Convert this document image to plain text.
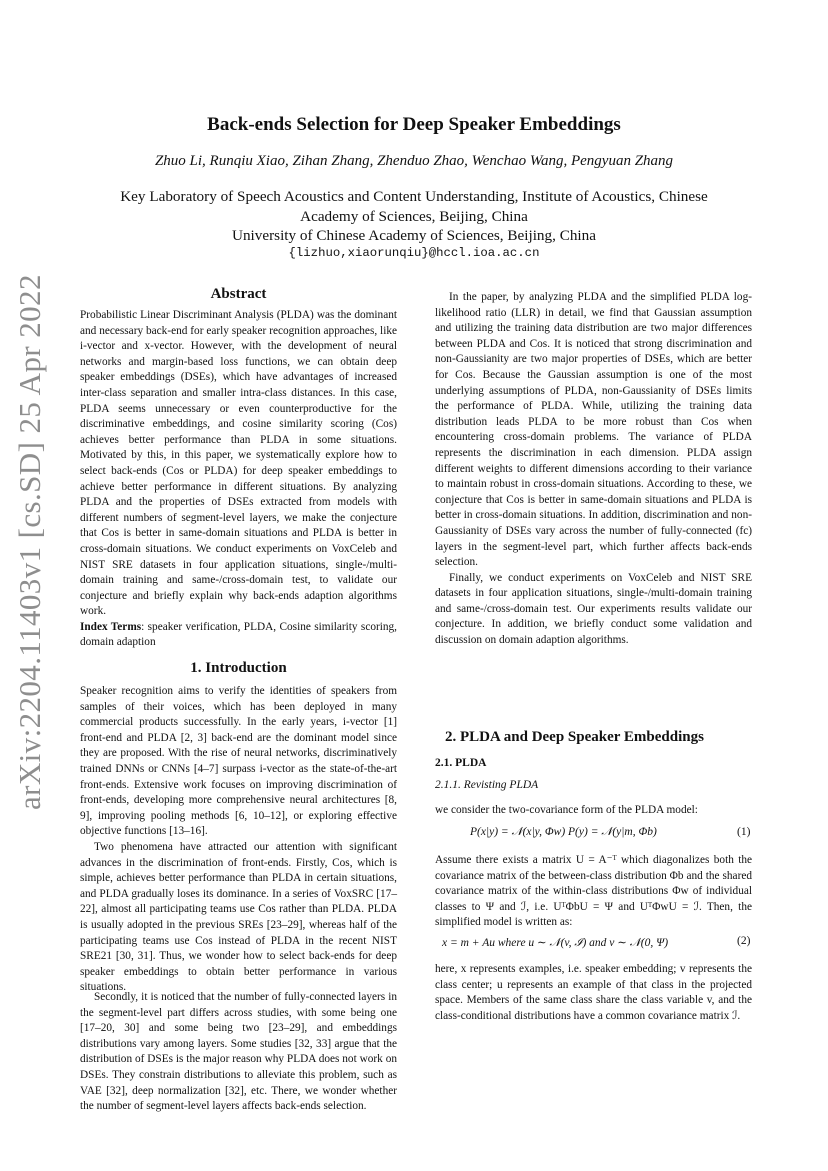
arXiv:2204.11403v1 [cs.SD] 25 Apr 2022
Back-ends Selection for Deep Speaker Embeddings
Zhuo Li, Runqiu Xiao, Zihan Zhang, Zhenduo Zhao, Wenchao Wang, Pengyuan Zhang
Key Laboratory of Speech Acoustics and Content Understanding, Institute of Acoustics, Chinese
Academy of Sciences, Beijing, China
University of Chinese Academy of Sciences, Beijing, China
{lizhuo,xiaorunqiu}@hccl.ioa.ac.cn
Abstract

Probabilistic Linear Discriminant Analysis (PLDA) was the dominant and necessary back-end for early speaker recognition approaches, like i-vector and x-vector. However, with the development of neural networks and margin-based loss functions, we can obtain deep speaker embeddings (DSEs), which have advantages of increased inter-class separation and smaller intra-class distances. In this case, PLDA seems unnecessary or even counterproductive for the discriminative embeddings, and cosine similarity scoring (Cos) achieves better performance than PLDA in some situations. Motivated by this, in this paper, we systematically explore how to select back-ends (Cos or PLDA) for deep speaker embeddings to achieve better performance in different situations. By analyzing PLDA and the properties of DSEs extracted from models with different numbers of segment-level layers, we make the conjecture that Cos is better in same-domain situations and PLDA is better in cross-domain situations. We conduct experiments on VoxCeleb and NIST SRE datasets in four application situations, single-/multi-domain training and same-/cross-domain test, to validate our conjecture and briefly explain why back-ends adaption algorithms work.

Index Terms: speaker verification, PLDA, Cosine similarity scoring, domain adaption

1. Introduction

Speaker recognition aims to verify the identities of speakers from samples of their voices, which has been deployed in many commercial products successfully. In the early years, i-vector [1] front-end and PLDA [2, 3] back-end are the dominant model since they are proposed. With the rise of neural networks, discriminatively trained DNNs or CNNs [4–7] surpass i-vector as the state-of-the-art front-ends. Extensive work focuses on improving discrimination of front-ends, developing more comprehensive neural architectures [8, 9], improving pooling methods [6, 10–12], or exploring effective objective functions [13–16].

Two phenomena have attracted our attention with significant advances in the discrimination of front-ends. Firstly, Cos, which is simple, achieves better performance than PLDA in certain situations, and PLDA gradually loses its dominance. In a series of VoxSRC [17–22], almost all participating teams use Cos rather than PLDA. PLDA is usually adopted in the previous SREs [23–29], whereas half of the participating teams use Cos instead of PLDA in the recent NIST SRE21 [30, 31]. Thus, we wonder how to select back-ends for deep speaker embeddings to obtain better performance in various situations.

Secondly, it is noticed that the number of fully-connected layers in the segment-level part differs across studies, with some being one [17–20, 30] and some being two [23–29], and embeddings distributions vary among layers. Some studies [32, 33] argue that the distribution of DSEs is the major reason why PLDA does not work on DSEs. They constrain distributions to alleviate this problem, such as VAE [32], deep normalization [32], etc. There, we wonder whether the number of segment-level layers affects back-ends selection.

In the paper, by analyzing PLDA and the simplified PLDA log-likelihood ratio (LLR) in detail, we find that Gaussian assumption and utilizing the training data distribution are two major differences between PLDA and Cos. It is noticed that strong discrimination and non-Gaussianity are two major properties of DSEs, which are better for Cos. Because the Gaussian assumption is one of the most underlying assumptions of PLDA, non-Gaussianity of DSEs limits the performance of PLDA. While, utilizing the training data distribution leads PLDA to be more robust than Cos when encountering cross-domain problems. The variance of PLDA represents the discrimination in each dimension. PLDA assign different weights to different dimensions according to their variance to maintain robust in cross-domain situations. According to these, we conjecture that Cos is better in same-domain situations and PLDA is better in cross-domain situations. In addition, discrimination and non-Gaussianity of DSEs vary across the number of fully-connected (fc) layers in the segment-level part, which further affects back-ends selection.

Finally, we conduct experiments on VoxCeleb and NIST SRE datasets in four application situations, single-/multi-domain training and same-/cross-domain test. Our experiments results validate our conjecture. In addition, we briefly conduct some validation and discussion on domain adaption algorithms.

2. PLDA and Deep Speaker Embeddings
2.1. PLDA
2.1.1. Revisting PLDA

we consider the two-covariance form of the PLDA model:

P(x|y) = 𝒩(x|y, Φw) P(y) = 𝒩(y|m, Φb)	(1)

Assume there exists a matrix U = A⁻ᵀ which diagonalizes both the covariance matrix of the between-class distribution Φb and the shared covariance matrix of the within-class distributions Φw of individual classes to Ψ and ℐ, i.e. UᵀΦbU = Ψ and UᵀΦwU = ℐ. Then, the simplified model is written as:

x = m + Au where u ∼ 𝒩(v, ℐ) and v ∼ 𝒩(0, Ψ)	(2)

here, x represents examples, i.e. speaker embedding; v represents the class center; u represents an example of that class in the projected space. Members of the same class share the class variable v, and the class-conditional distributions have a common covariance matrix ℐ.
